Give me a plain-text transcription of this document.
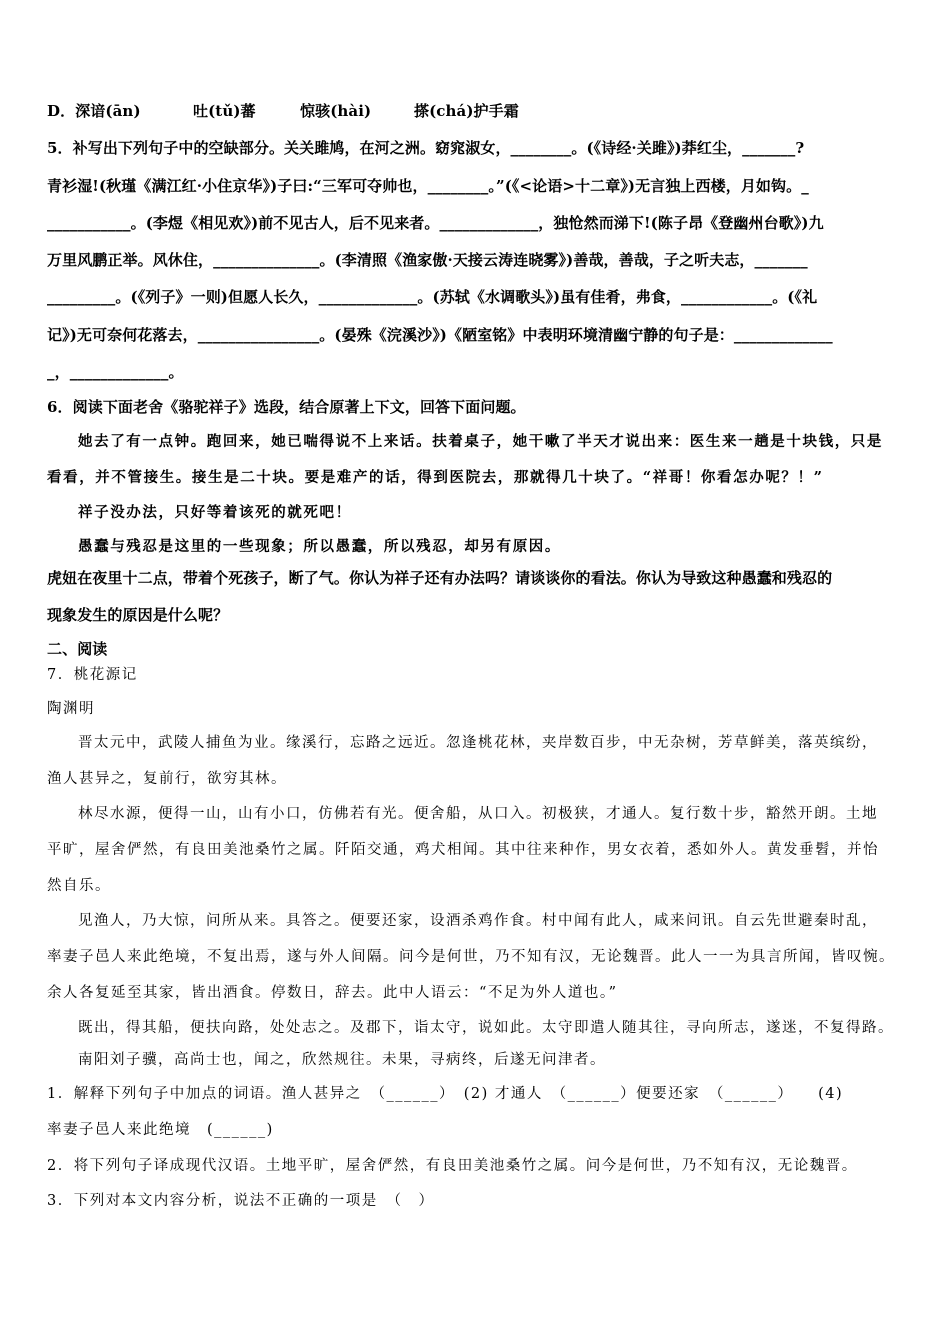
D．深谙(ān)	吐(tǔ)蕃	惊骇(hài)	搽(chá)护手霜
5．补写出下列句子中的空缺部分。关关雎鸠，在河之洲。窈窕淑女，________。(《诗经·关雎》)莽红尘，_______?
青衫湿!(秋瑾《满江红·小住京华》)子曰:“三军可夺帅也，________。”(《<论语>十二章》)无言独上西楼，月如钩。_
___________。(李煜《相见欢》)前不见古人，后不见来者。_____________，独怆然而涕下!(陈子昂《登幽州台歌》)九
万里风鹏正举。风休住，______________。(李清照《渔家傲·天接云涛连晓雾》)善哉，善哉，子之听夫志，_______
_________。(《列子》一则)但愿人长久，_____________。(苏轼《水调歌头》)虽有佳肴，弗食，____________。(《礼
记》)无可奈何花落去，________________。(晏殊《浣溪沙》)《陋室铭》中表明环境清幽宁静的句子是：_____________
_，_____________。
6．阅读下面老舍《骆驼祥子》选段，结合原著上下文，回答下面问题。
她去了有一点钟。跑回来，她已喘得说不上来话。扶着桌子，她干嗽了半天才说出来：医生来一趟是十块钱，只是
看看，并不管接生。接生是二十块。要是难产的话，得到医院去，那就得几十块了。“祥哥！你看怎办呢？！”
祥子没办法，只好等着该死的就死吧！
愚蠢与残忍是这里的一些现象；所以愚蠢，所以残忍，却另有原因。
虎妞在夜里十二点，带着个死孩子，断了气。你认为祥子还有办法吗？请谈谈你的看法。你认为导致这种愚蠢和残忍的
现象发生的原因是什么呢？
二、阅读
7．桃花源记
陶渊明
晋太元中，武陵人捕鱼为业。缘溪行，忘路之远近。忽逢桃花林，夹岸数百步，中无杂树，芳草鲜美，落英缤纷，
渔人甚异之，复前行，欲穷其林。
林尽水源，便得一山，山有小口，仿佛若有光。便舍船，从口入。初极狭，才通人。复行数十步，豁然开朗。土地
平旷，屋舍俨然，有良田美池桑竹之属。阡陌交通，鸡犬相闻。其中往来种作，男女衣着，悉如外人。黄发垂髫，并怡
然自乐。
见渔人，乃大惊，问所从来。具答之。便要还家，设酒杀鸡作食。村中闻有此人，咸来问讯。自云先世避秦时乱，
率妻子邑人来此绝境，不复出焉，遂与外人间隔。问今是何世，乃不知有汉，无论魏晋。此人一一为具言所闻，皆叹惋。
余人各复延至其家，皆出酒食。停数日，辞去。此中人语云：“不足为外人道也。”
既出，得其船，便扶向路，处处志之。及郡下，诣太守，说如此。太守即遣人随其往，寻向所志，遂迷，不复得路。
南阳刘子骥，高尚士也，闻之，欣然规往。未果，寻病终，后遂无问津者。
1．解释下列句子中加点的词语。渔人甚异之　（______）　(2) 才通人　（______）便要还家　（______）　　(4)
率妻子邑人来此绝境　(______)
2．将下列句子译成现代汉语。土地平旷，屋舍俨然，有良田美池桑竹之属。问今是何世，乃不知有汉，无论魏晋。
3．下列对本文内容分析，说法不正确的一项是　（　）
